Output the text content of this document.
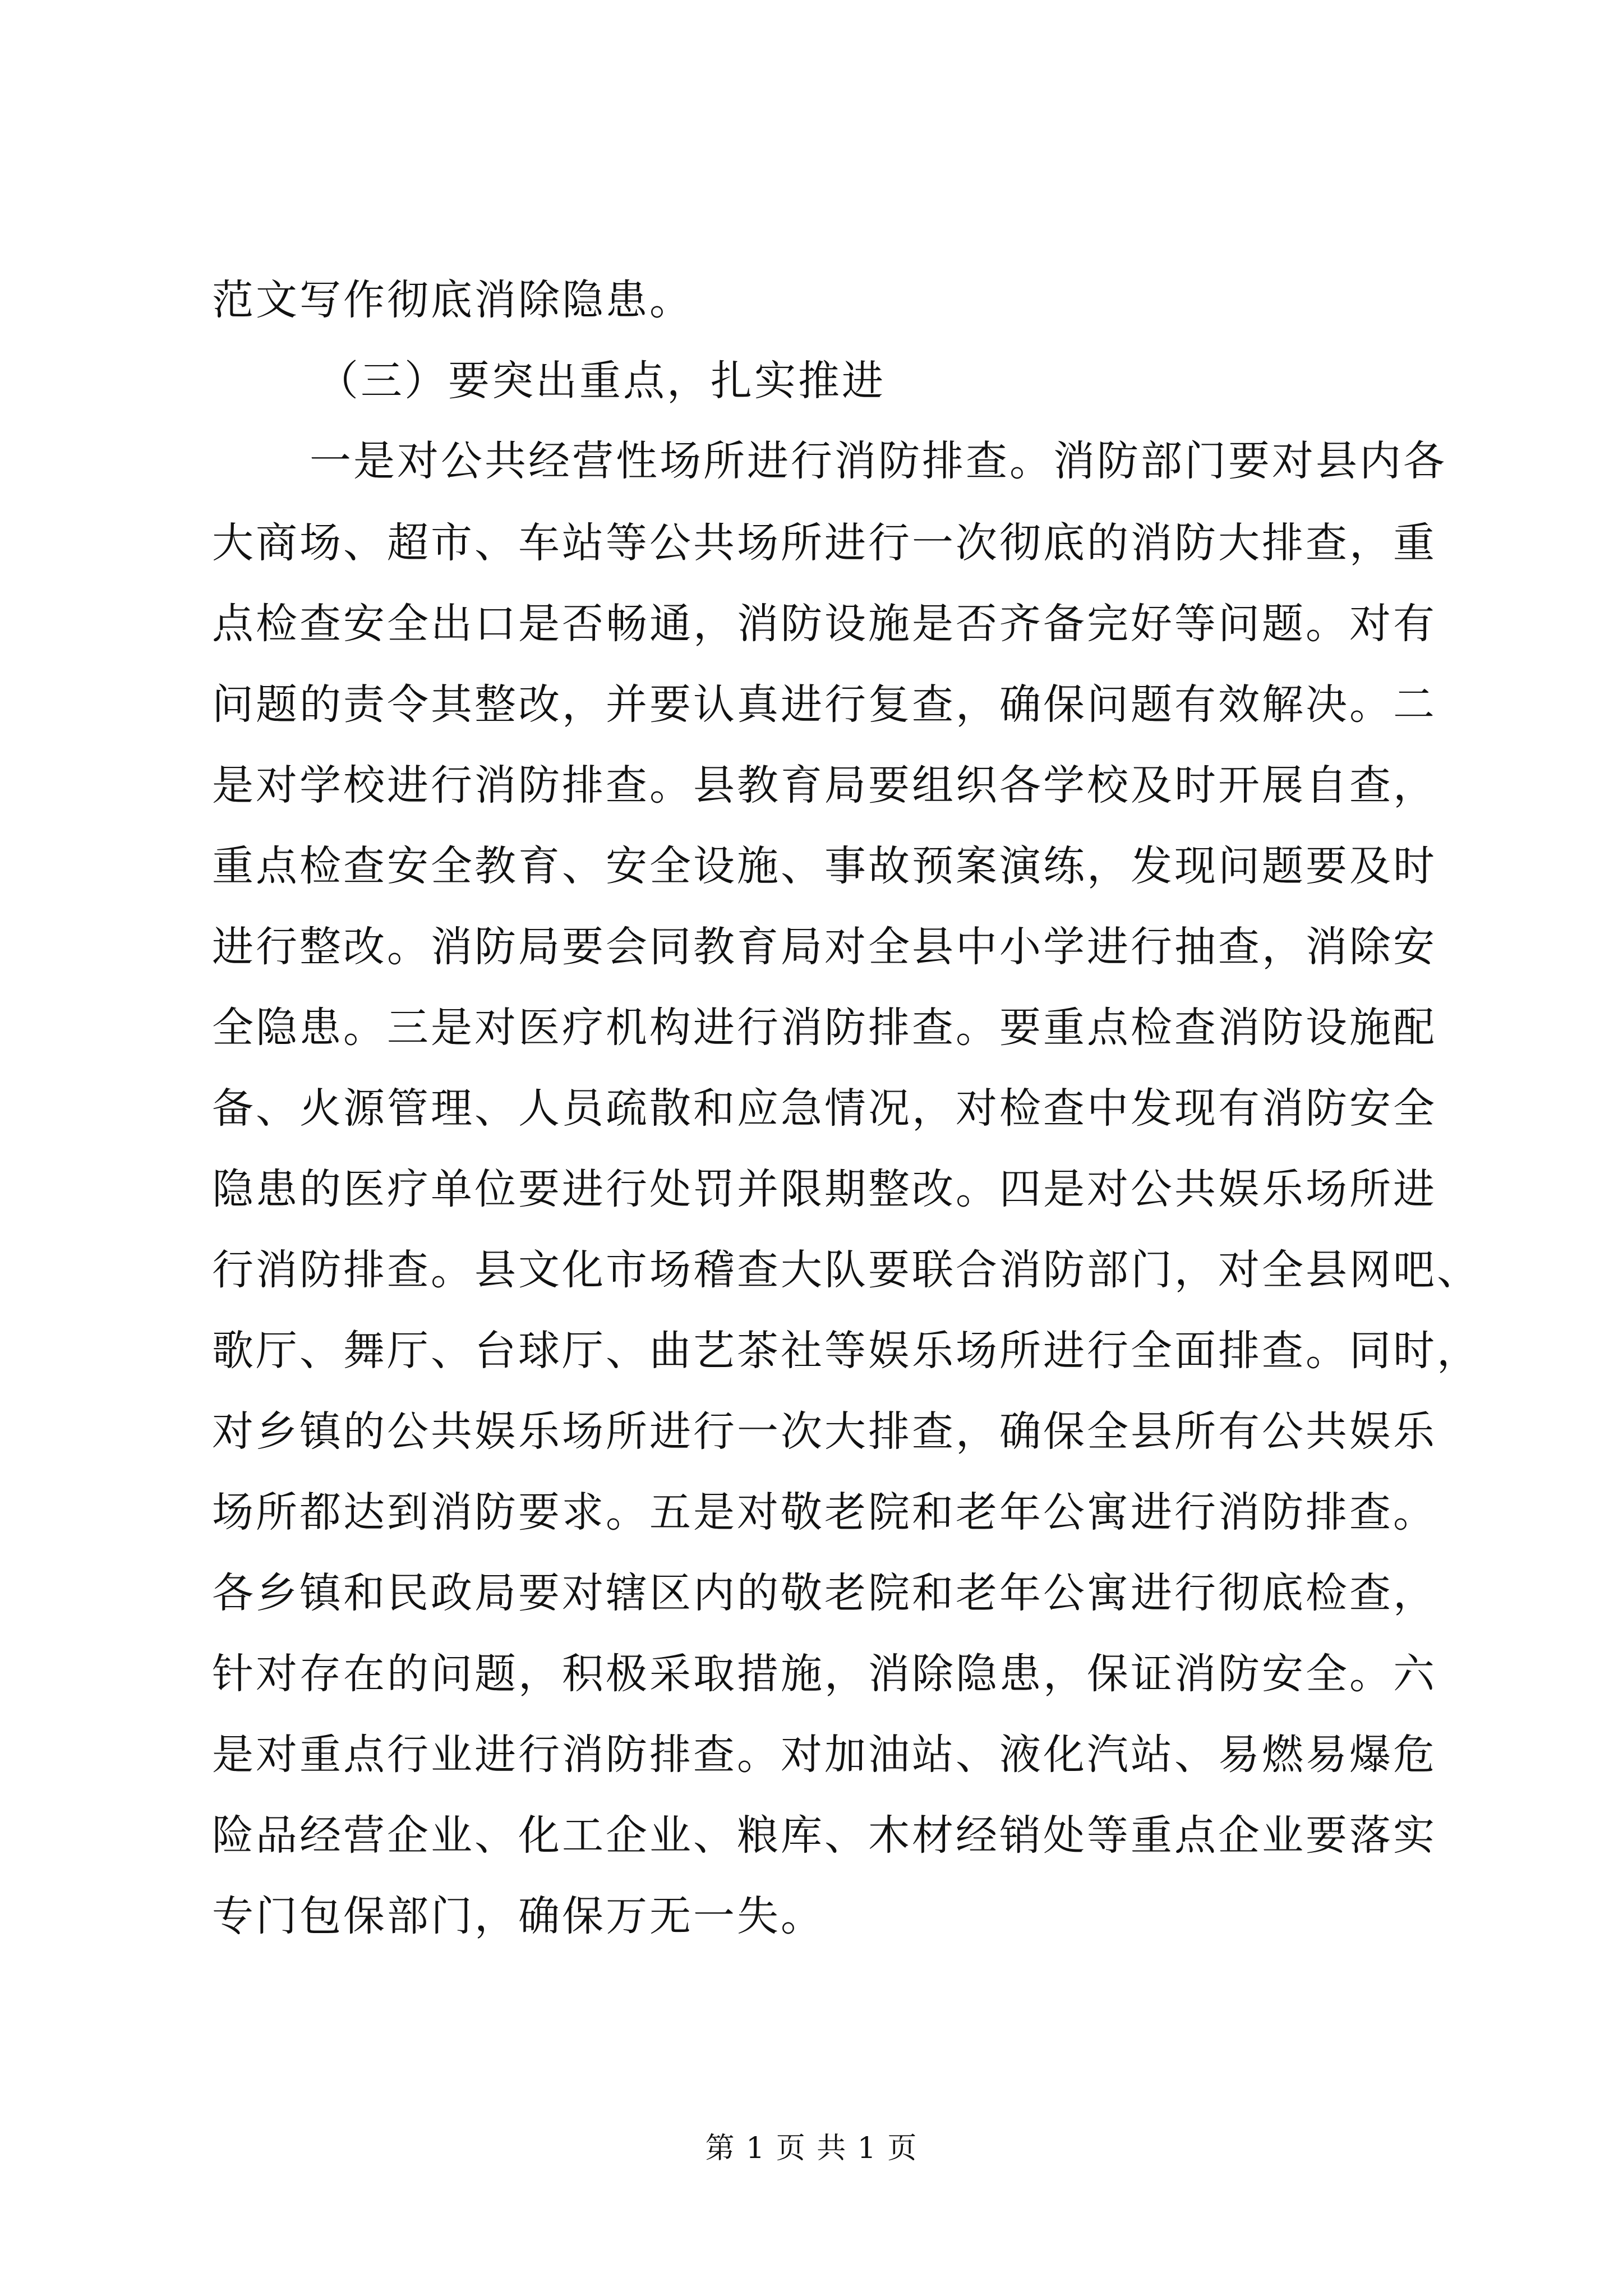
范文写作彻底消除隐患。
（三）要突出重点，扎实推进
一是对公共经营性场所进行消防排查。消防部门要对县内各
大商场、超市、车站等公共场所进行一次彻底的消防大排查，重
点检查安全出口是否畅通，消防设施是否齐备完好等问题。对有
问题的责令其整改，并要认真进行复查，确保问题有效解决。二
是对学校进行消防排查。县教育局要组织各学校及时开展自查，
重点检查安全教育、安全设施、事故预案演练，发现问题要及时
进行整改。消防局要会同教育局对全县中小学进行抽查，消除安
全隐患。三是对医疗机构进行消防排查。要重点检查消防设施配
备、火源管理、人员疏散和应急情况，对检查中发现有消防安全
隐患的医疗单位要进行处罚并限期整改。四是对公共娱乐场所进
行消防排查。县文化市场稽查大队要联合消防部门，对全县网吧、
歌厅、舞厅、台球厅、曲艺茶社等娱乐场所进行全面排查。同时，
对乡镇的公共娱乐场所进行一次大排查，确保全县所有公共娱乐
场所都达到消防要求。五是对敬老院和老年公寓进行消防排查。
各乡镇和民政局要对辖区内的敬老院和老年公寓进行彻底检查，
针对存在的问题，积极采取措施，消除隐患，保证消防安全。六
是对重点行业进行消防排查。对加油站、液化汽站、易燃易爆危
险品经营企业、化工企业、粮库、木材经销处等重点企业要落实
专门包保部门，确保万无一失。
第 1 页 共 1 页
